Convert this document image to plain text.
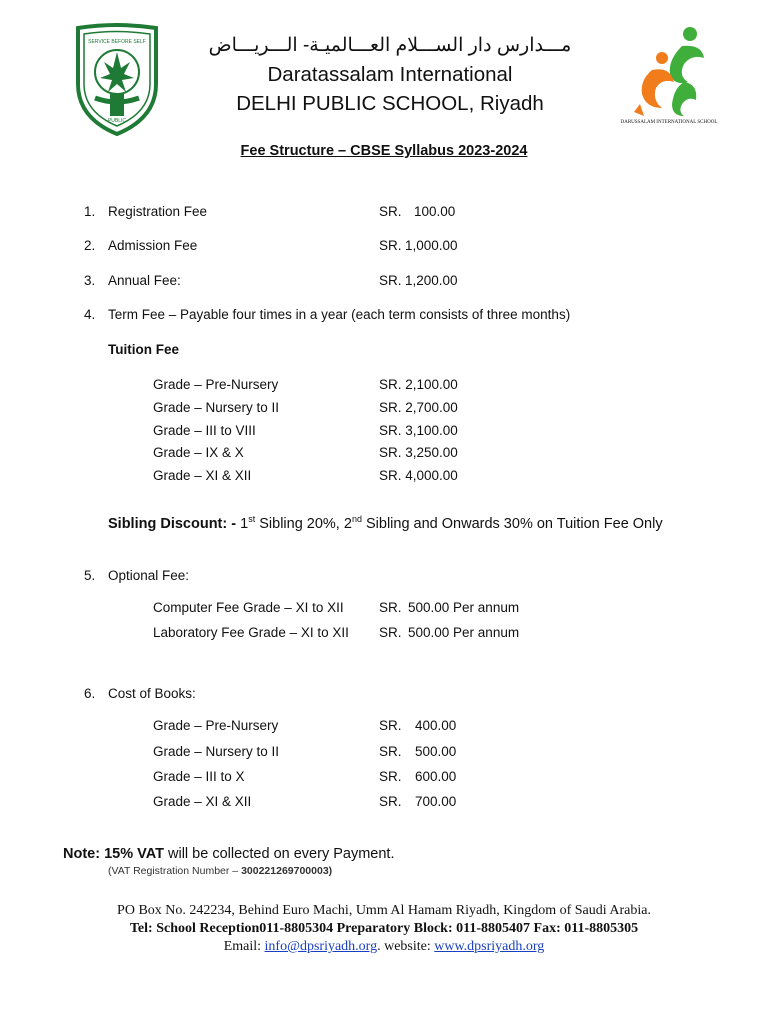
SERVICE BEFORE SELF
PUBLIC
مـــدارس دار الســـلام العـــالميـة- الـــريـــاض
Daratassalam International
DELHI PUBLIC SCHOOL, Riyadh
DARUSSALAM INTERNATIONAL SCHOOL
Fee Structure – CBSE Syllabus 2023-2024
1. Registration Fee	SR. 100.00
2. Admission Fee	SR. 1,000.00
3. Annual Fee:	SR. 1,200.00
4. Term Fee – Payable four times in a year (each term consists of three months)
Tuition Fee
Grade – Pre-Nursery	SR. 2,100.00
Grade – Nursery to II	SR. 2,700.00
Grade – III to VIII	SR. 3,100.00
Grade – IX & X	SR. 3,250.00
Grade – XI & XII	SR. 4,000.00
Sibling Discount: - 1st Sibling 20%, 2nd Sibling and Onwards 30% on Tuition Fee Only
5. Optional Fee:
Computer Fee Grade – XI to XII	SR. 500.00 Per annum
Laboratory Fee Grade – XI to XII SR. 500.00 Per annum
6. Cost of Books:
Grade – Pre-Nursery	SR. 400.00
Grade – Nursery to II	SR. 500.00
Grade – III to X	SR. 600.00
Grade – XI & XII	SR. 700.00
Note: 15% VAT will be collected on every Payment.
(VAT Registration Number – 300221269700003)
PO Box No. 242234, Behind Euro Machi, Umm Al Hamam Riyadh, Kingdom of Saudi Arabia.
Tel: School Reception011-8805304 Preparatory Block: 011-8805407 Fax: 011-8805305
Email: info@dpsriyadh.org. website: www.dpsriyadh.org
